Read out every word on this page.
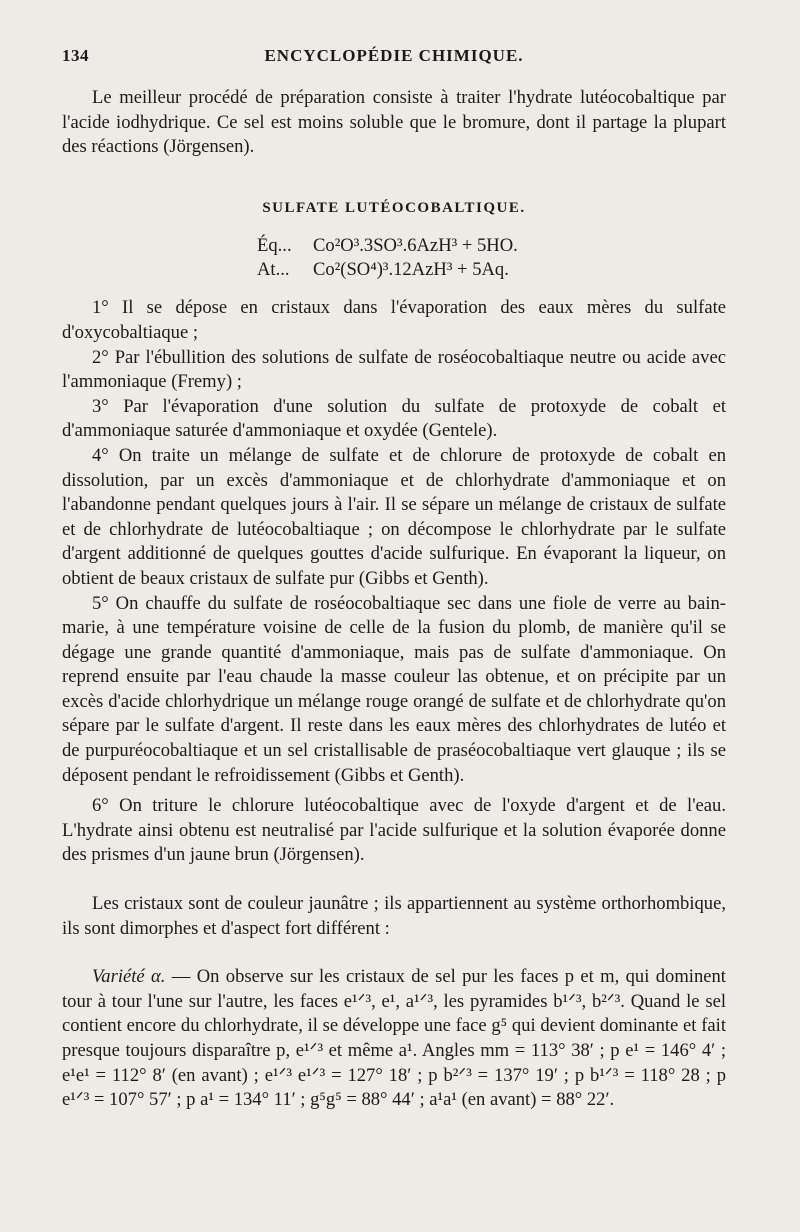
134	ENCYCLOPÉDIE CHIMIQUE.

Le meilleur procédé de préparation consiste à traiter l'hydrate lutéocobaltique par l'acide iodhydrique. Ce sel est moins soluble que le bromure, dont il partage la plupart des réactions (Jörgensen).

SULFATE LUTÉOCOBALTIQUE.
Éq...	Co²O³.3SO³.6AzH³ + 5HO.
At...	Co²(SO⁴)³.12AzH³ + 5Aq.

1° Il se dépose en cristaux dans l'évaporation des eaux mères du sulfate d'oxycobaltiaque ;

2° Par l'ébullition des solutions de sulfate de roséocobaltiaque neutre ou acide avec l'ammoniaque (Fremy) ;

3° Par l'évaporation d'une solution du sulfate de protoxyde de cobalt et d'ammoniaque saturée d'ammoniaque et oxydée (Gentele).

4° On traite un mélange de sulfate et de chlorure de protoxyde de cobalt en dissolution, par un excès d'ammoniaque et de chlorhydrate d'ammoniaque et on l'abandonne pendant quelques jours à l'air. Il se sépare un mélange de cristaux de sulfate et de chlorhydrate de lutéocobaltiaque ; on décompose le chlorhydrate par le sulfate d'argent additionné de quelques gouttes d'acide sulfurique. En évaporant la liqueur, on obtient de beaux cristaux de sulfate pur (Gibbs et Genth).

5° On chauffe du sulfate de roséocobaltiaque sec dans une fiole de verre au bain-marie, à une température voisine de celle de la fusion du plomb, de manière qu'il se dégage une grande quantité d'ammoniaque, mais pas de sulfate d'ammoniaque. On reprend ensuite par l'eau chaude la masse couleur las obtenue, et on précipite par un excès d'acide chlorhydrique un mélange rouge orangé de sulfate et de chlorhydrate qu'on sépare par le sulfate d'argent. Il reste dans les eaux mères des chlorhydrates de lutéo et de purpuréocobaltiaque et un sel cristallisable de praséocobaltiaque vert glauque ; ils se déposent pendant le refroidissement (Gibbs et Genth).

6° On triture le chlorure lutéocobaltique avec de l'oxyde d'argent et de l'eau. L'hydrate ainsi obtenu est neutralisé par l'acide sulfurique et la solution évaporée donne des prismes d'un jaune brun (Jörgensen).

Les cristaux sont de couleur jaunâtre ; ils appartiennent au système orthorhombique, ils sont dimorphes et d'aspect fort différent :

Variété α. — On observe sur les cristaux de sel pur les faces p et m, qui dominent tour à tour l'une sur l'autre, les faces e¹ᐟ³, e¹, a¹ᐟ³, les pyramides b¹ᐟ³, b²ᐟ³. Quand le sel contient encore du chlorhydrate, il se développe une face g⁵ qui devient dominante et fait presque toujours disparaître p, e¹ᐟ³ et même a¹. Angles mm = 113° 38′ ; p e¹ = 146° 4′ ; e¹e¹ = 112° 8′ (en avant) ; e¹ᐟ³ e¹ᐟ³ = 127° 18′ ; p b²ᐟ³ = 137° 19′ ; p b¹ᐟ³ = 118° 28 ; p e¹ᐟ³ = 107° 57′ ; p a¹ = 134° 11′ ; g⁵g⁵ = 88° 44′ ; a¹a¹ (en avant) = 88° 22′.
